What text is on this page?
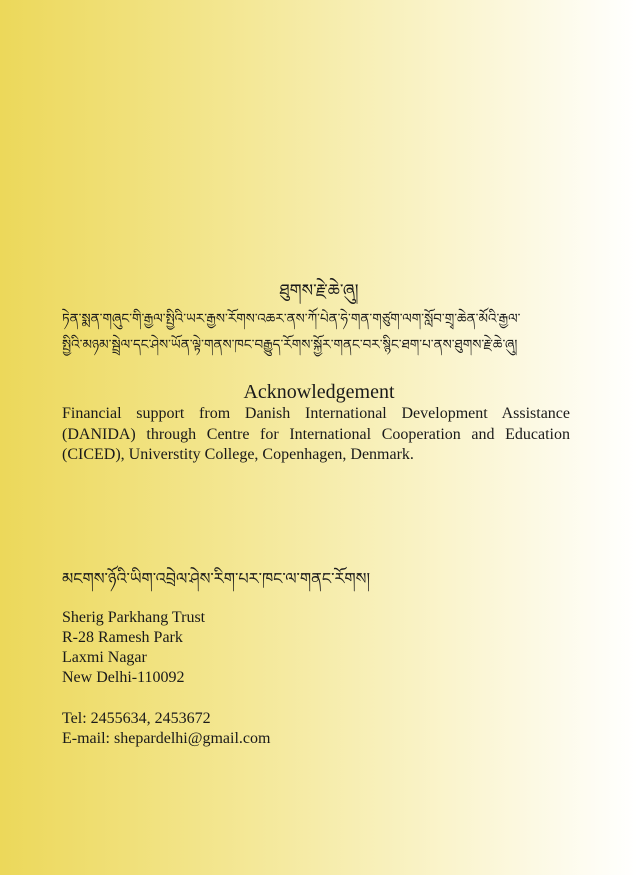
ཐུགས་རྗེ་ཆེ་ཞུ།
ཏེན་སྨན་གཞུང་གི་རྒྱལ་སྤྱིའི་ཡར་རྒྱས་རོགས་འཆར་ནས་ཀོ་པེན་ཧེ་གན་གཙུག་ལག་སློབ་གྲྭ་ཆེན་མོའི་རྒྱལ་
སྤྱིའི་མཉམ་སྦྲེལ་དང་ཤེས་ཡོན་ལྟེ་གནས་ཁང་བརྒྱུད་རོགས་སྐྱོར་གནང་བར་སྙིང་ཐག་པ་ནས་ཐུགས་རྗེ་ཆེ་ཞུ།
Acknowledgement
Financial support from Danish International Development Assistance
(DANIDA) through Centre for International Cooperation and Education
(CICED), Universtity College, Copenhagen, Denmark.
མངགས་ཉོའི་ཡིག་འབྲེལ་ཤེས་རིག་པར་ཁང་ལ་གནང་རོགས།
Sherig Parkhang Trust
R-28 Ramesh Park
Laxmi Nagar
New Delhi-110092
Tel: 2455634, 2453672
E-mail: shepardelhi@gmail.com
